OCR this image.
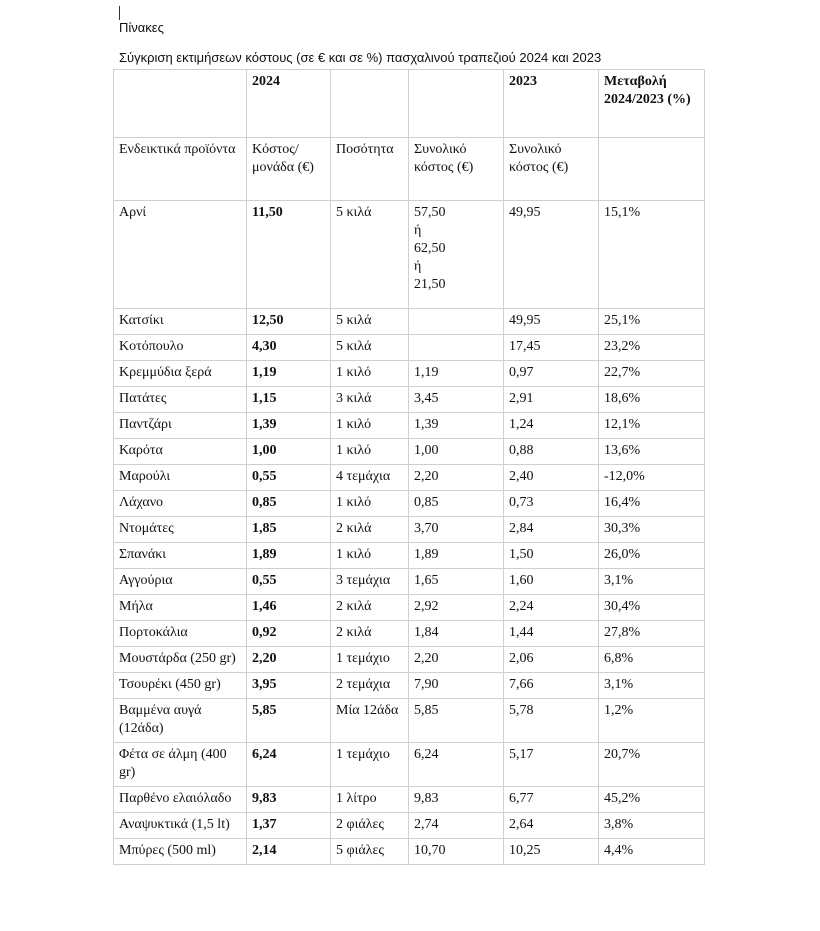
Πίνακες
Σύγκριση εκτιμήσεων κόστους (σε € και σε %) πασχαλινού τραπεζιού 2024 και 2023
	2024			2023	Μεταβολή 2024/2023 (%)
Ενδεικτικά προϊόντα	Κόστος/ μονάδα (€)	Ποσότητα	Συνολικό κόστος (€)	Συνολικό κόστος (€)	
Αρνί	11,50	5 κιλά	57,50
ή
62,50
ή
21,50	49,95	15,1%
Κατσίκι	12,50	5 κιλά		49,95	25,1%
Κοτόπουλο	4,30	5 κιλά		17,45	23,2%
Κρεμμύδια ξερά	1,19	1 κιλό	1,19	0,97	22,7%
Πατάτες	1,15	3 κιλά	3,45	2,91	18,6%
Παντζάρι	1,39	1 κιλό	1,39	1,24	12,1%
Καρότα	1,00	1 κιλό	1,00	0,88	13,6%
Μαρούλι	0,55	4 τεμάχια	2,20	2,40	-12,0%
Λάχανο	0,85	1 κιλό	0,85	0,73	16,4%
Ντομάτες	1,85	2 κιλά	3,70	2,84	30,3%
Σπανάκι	1,89	1 κιλό	1,89	1,50	26,0%
Αγγούρια	0,55	3 τεμάχια	1,65	1,60	3,1%
Μήλα	1,46	2 κιλά	2,92	2,24	30,4%
Πορτοκάλια	0,92	2 κιλά	1,84	1,44	27,8%
Μουστάρδα (250 gr)	2,20	1 τεμάχιο	2,20	2,06	6,8%
Τσουρέκι (450 gr)	3,95	2 τεμάχια	7,90	7,66	3,1%
Βαμμένα αυγά (12άδα)	5,85	Μία 12άδα	5,85	5,78	1,2%
Φέτα σε άλμη (400 gr)	6,24	1 τεμάχιο	6,24	5,17	20,7%
Παρθένο ελαιόλαδο	9,83	1 λίτρο	9,83	6,77	45,2%
Αναψυκτικά (1,5 lt)	1,37	2 φιάλες	2,74	2,64	3,8%
Μπύρες (500 ml)	2,14	5 φιάλες	10,70	10,25	4,4%
